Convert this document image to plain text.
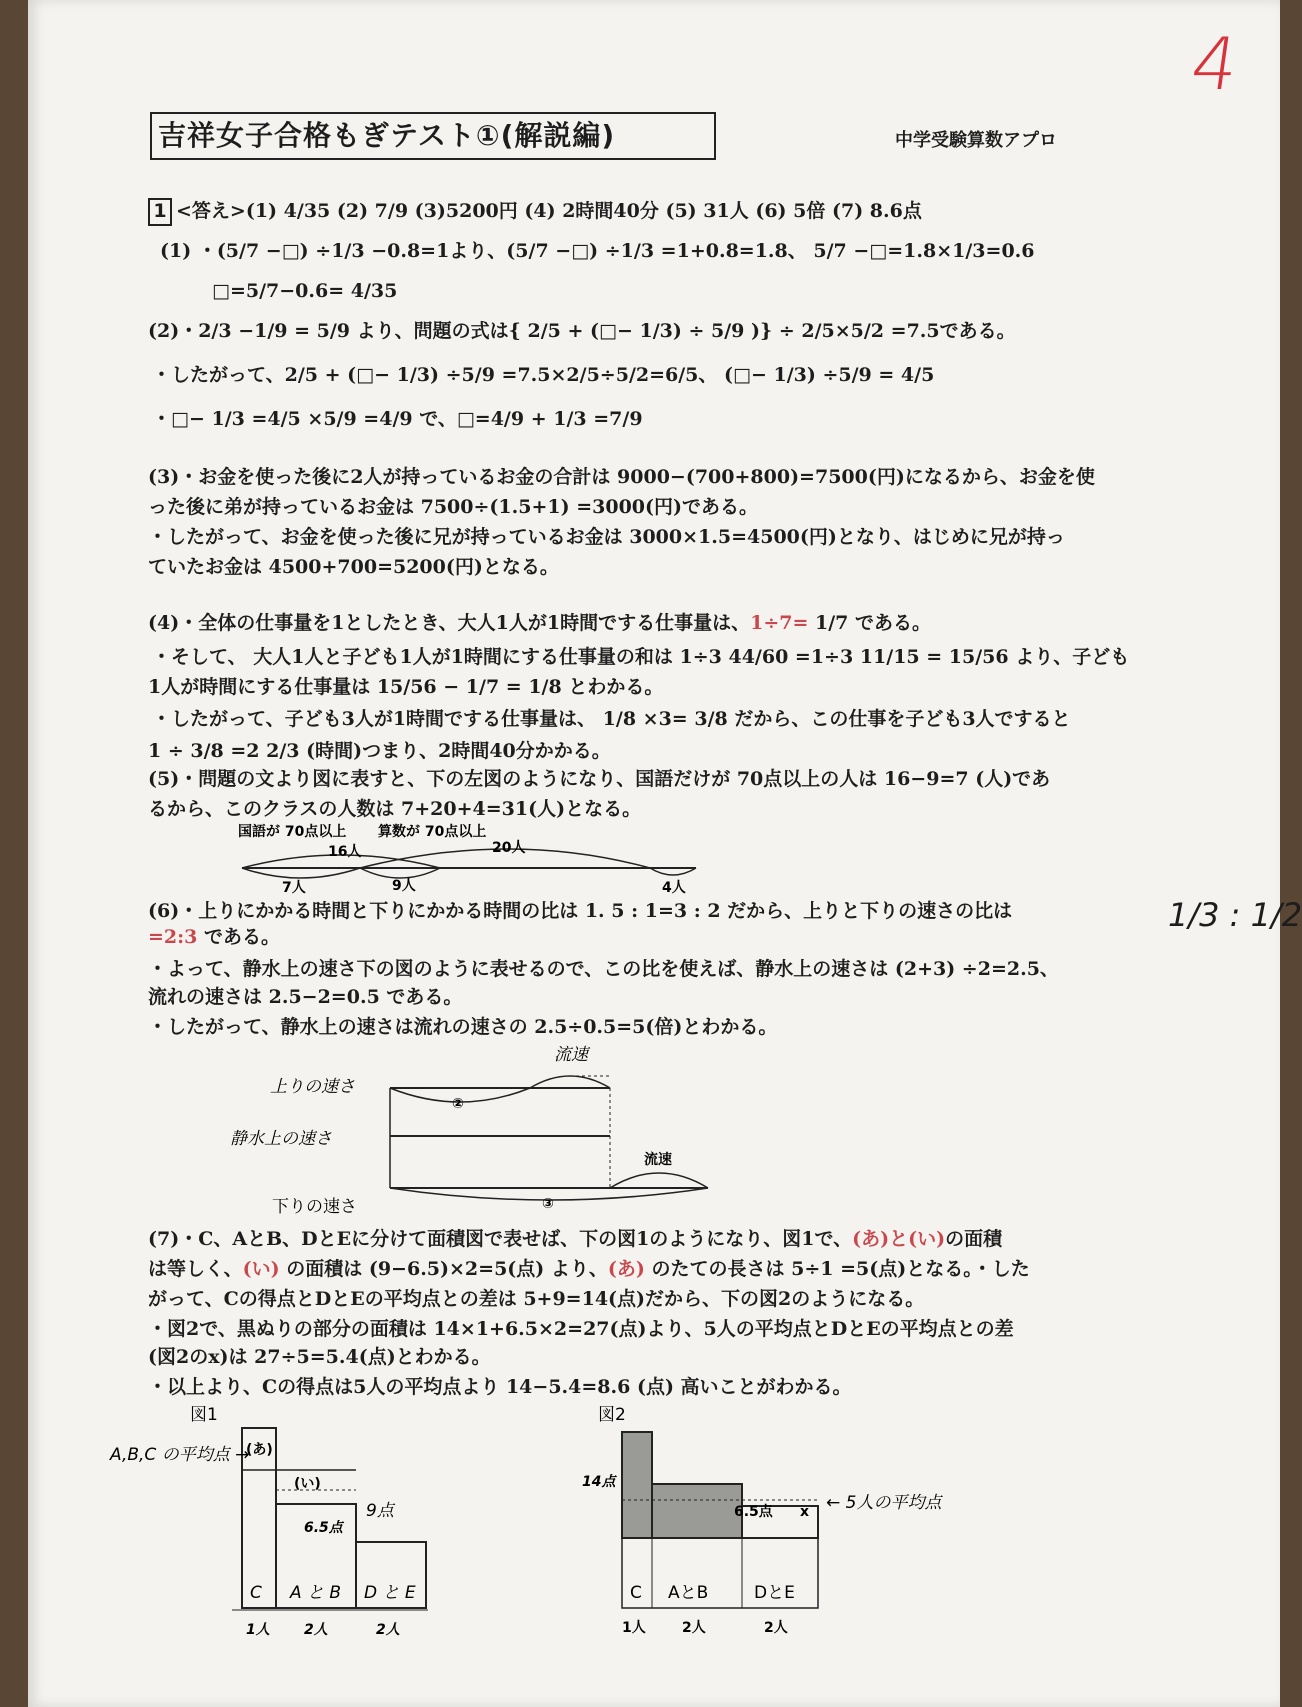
4
吉祥女子合格もぎテスト①(解説編)	中学受験算数アプロ
1 <答え>(1) 4/35 (2) 7/9 (3)5200円 (4) 2時間40分 (5) 31人 (6) 5倍 (7) 8.6点
(1) ・(5/7 −□) ÷1/3 −0.8=1より、(5/7 −□) ÷1/3 =1+0.8=1.8、 5/7 −□=1.8×1/3=0.6
□=5/7−0.6= 4/35
(2)・2/3 −1/9 = 5/9 より、問題の式は{ 2/5 + (□− 1/3) ÷ 5/9 )} ÷ 2/5×5/2 =7.5である。
・したがって、2/5 + (□− 1/3) ÷5/9 =7.5×2/5÷5/2=6/5、 (□− 1/3) ÷5/9 = 4/5
・□− 1/3 =4/5 ×5/9 =4/9 で、□=4/9 + 1/3 =7/9
(3)・お金を使った後に2人が持っているお金の合計は 9000−(700+800)=7500(円)になるから、お金を使
った後に弟が持っているお金は 7500÷(1.5+1) =3000(円)である。
・したがって、お金を使った後に兄が持っているお金は 3000×1.5=4500(円)となり、はじめに兄が持っ
ていたお金は 4500+700=5200(円)となる。
(4)・全体の仕事量を1としたとき、大人1人が1時間でする仕事量は、1÷7= 1/7 である。
・そして、 大人1人と子ども1人が1時間にする仕事量の和は 1÷3 44/60 =1÷3 11/15 = 15/56 より、子ども
1人が時間にする仕事量は 15/56 − 1/7 = 1/8 とわかる。
・したがって、子ども3人が1時間でする仕事量は、 1/8 ×3= 3/8 だから、この仕事を子ども3人ですると
1 ÷ 3/8 =2 2/3 (時間)つまり、2時間40分かかる。
(5)・問題の文より図に表すと、下の左図のようになり、国語だけが 70点以上の人は 16−9=7 (人)であ
るから、このクラスの人数は 7+20+4=31(人)となる。
国語が 70点以上 算数が 70点以上
16人	20人
7人	9人	4人
(6)・上りにかかる時間と下りにかかる時間の比は 1. 5 : 1=3 : 2 だから、上りと下りの速さの比は	1/3 : 1/2
=2:3 である。
・よって、静水上の速さ下の図のように表せるので、この比を使えば、静水上の速さは (2+3) ÷2=2.5、
流れの速さは 2.5−2=0.5 である。
・したがって、静水上の速さは流れの速さの 2.5÷0.5=5(倍)とわかる。
流速
上りの速さ
静水上の速さ
下りの速さ
②
流速
③
(7)・C、AとB、DとEに分けて面積図で表せば、下の図1のようになり、図1で、(あ)と(い)の面積
は等しく、(い) の面積は (9−6.5)×2=5(点) より、(あ) のたての長さは 5÷1 =5(点)となる。・した
がって、Cの得点とDとEの平均点との差は 5+9=14(点)だから、下の図2のようになる。
・図2で、黒ぬりの部分の面積は 14×1+6.5×2=27(点)より、5人の平均点とDとEの平均点との差
(図2のx)は 27÷5=5.4(点)とわかる。
・以上より、Cの得点は5人の平均点より 14−5.4=8.6 (点) 高いことがわかる。
図1
(あ)
(い)
A,B,C の平均点 →
9点
6.5点
C A と B D と E
1人 2人	2人
図2
14点
6.5点 x ← 5人の平均点
C AとB	DとE
1人	2人	2人
